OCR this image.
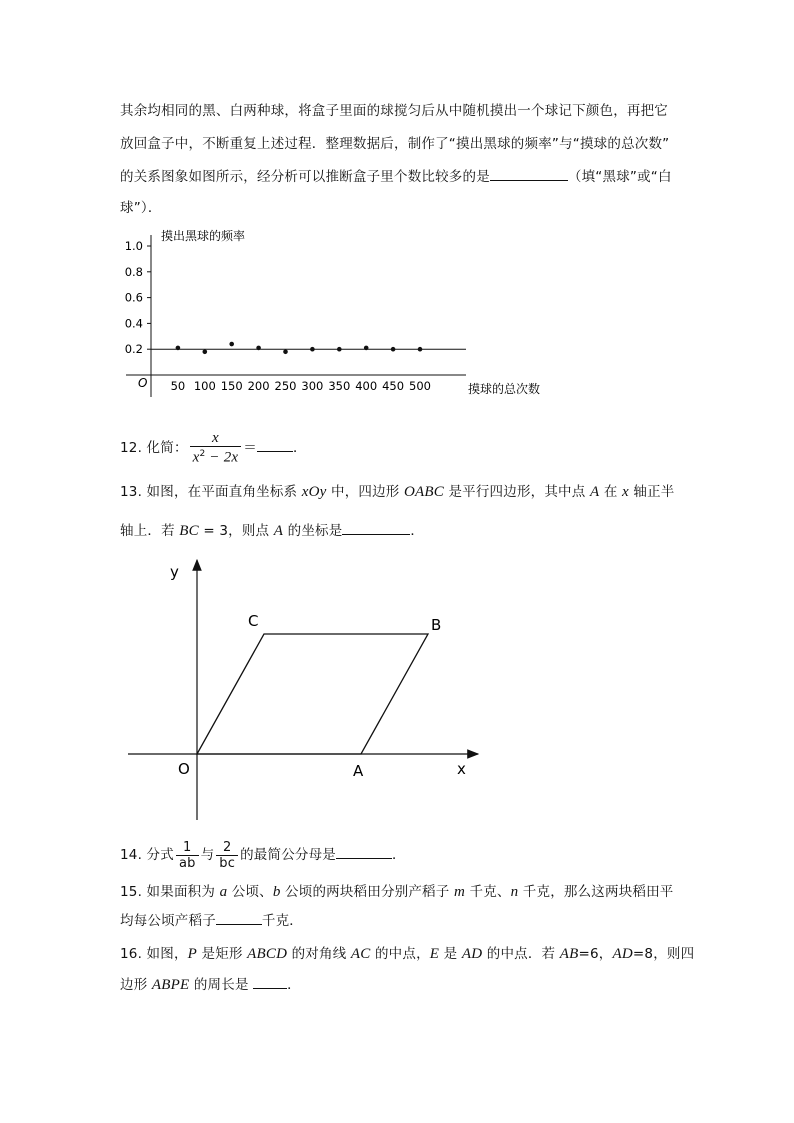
其余均相同的黑、白两种球，将盒子里面的球搅匀后从中随机摸出一个球记下颜色，再把它
放回盒子中，不断重复上述过程．整理数据后，制作了“摸出黑球的频率”与“摸球的总次数”
的关系图象如图所示，经分析可以推断盒子里个数比较多的是	（填“黑球”或“白
球”）．
摸出黑球的频率
摸球的总次数
O
0.2
0.4
0.6
0.8
1.0
50 100 150 200 250 300 350 400 450 500
12. 化简： $\frac{x}{x^2 - 2x}$ ＝	．
13. 如图，在平面直角坐标系 xOy 中，四边形 OABC 是平行四边形，其中点 A 在 x 轴正半
轴上．若 BC = 3，则点 A 的坐标是	．
y
x
O	A
B
C
14. 分式 $\frac{1}{ab}$ 与 $\frac{2}{bc}$ 的最简公分母是	．
15. 如果面积为 a 公顷、b 公顷的两块稻田分别产稻子 m 千克、n 千克，那么这两块稻田平
均每公顷产稻子	千克．
16. 如图，P 是矩形 ABCD 的对角线 AC 的中点，E 是 AD 的中点．若 AB=6，AD=8，则四
边形 ABPE 的周长是	．
